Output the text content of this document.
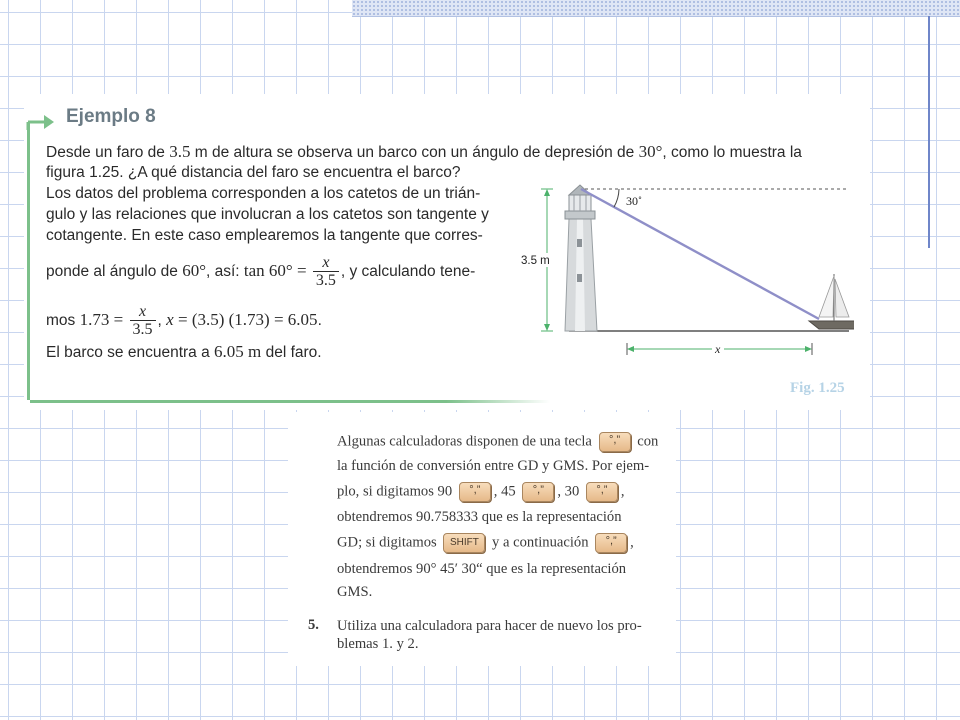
Ejemplo 8
Desde un faro de 3.5 m de altura se observa un barco con un ángulo de depresión de 30°, como lo muestra la
figura 1.25. ¿A qué distancia del faro se encuentra el barco?
Los datos del problema corresponden a los catetos de un trián-
gulo y las relaciones que involucran a los catetos son tangente y
cotangente. En este caso emplearemos la tangente que corres-
ponde al ángulo de 60°, así: $\tan 60^\circ = \frac{x}{3.5}$ , y calculando tene-
mos $1.73 = \frac{x}{3.5}$ , x = (3.5) (1.73) = 6.05.
El barco se encuentra a 6.05 m del faro.
30˚
3.5 m
x
Fig. 1.25
Algunas calculadoras disponen de una tecla °,” con
la función de conversión entre GD y GMS. Por ejem-
plo, si digitamos 90 °,” , 45 °,” , 30 °,” ,
obtendremos 90.758333 que es la representación
GD; si digitamos SHIFT y a continuación °,” ,
obtendremos 90° 45′ 30“ que es la representación
GMS.
5. Utiliza una calculadora para hacer de nuevo los pro-
blemas 1. y 2.
